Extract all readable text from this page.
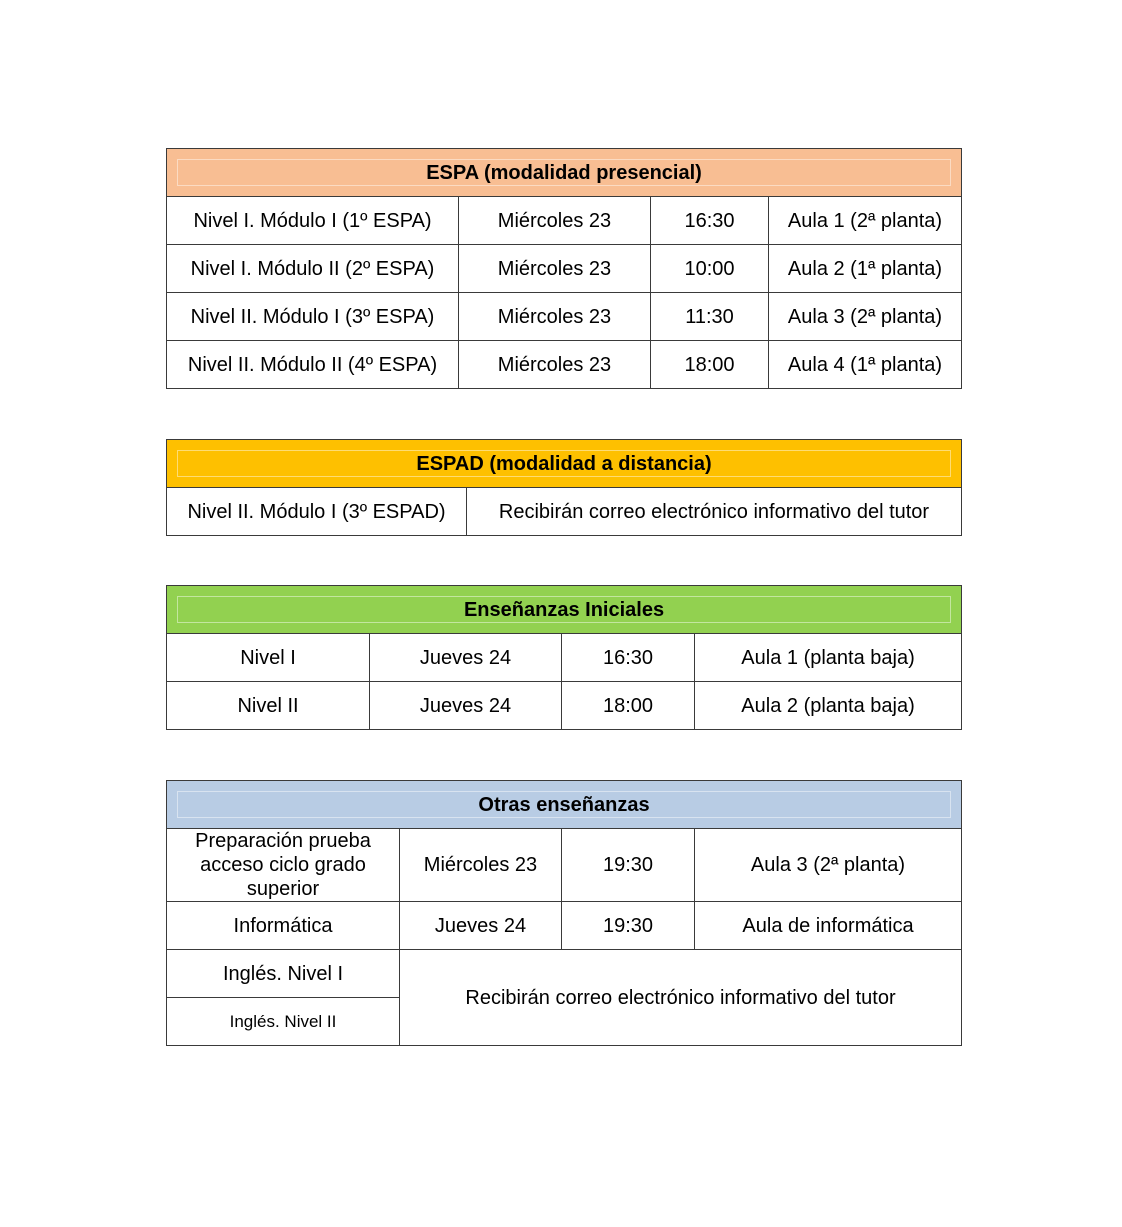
ESPA (modalidad presencial)			
Nivel I. Módulo I (1º ESPA)	Miércoles 23	16:30	Aula 1 (2ª planta)
Nivel I. Módulo II (2º ESPA)	Miércoles 23	10:00	Aula 2 (1ª planta)
Nivel II. Módulo I (3º ESPA)	Miércoles 23	11:30	Aula 3 (2ª planta)
Nivel II. Módulo II (4º ESPA)	Miércoles 23	18:00	Aula 4 (1ª planta)
ESPAD (modalidad a distancia)
Nivel II. Módulo I (3º ESPAD)	Recibirán correo electrónico informativo del tutor
Enseñanzas Iniciales			
Nivel I	Jueves 24	16:30	Aula 1 (planta baja)
Nivel II	Jueves 24	18:00	Aula 2 (planta baja)
Otras enseñanzas			
Preparación prueba acceso ciclo grado superior	Miércoles 23	19:30	Aula 3 (2ª planta)
Informática	Jueves 24	19:30	Aula de informática
Inglés. Nivel I	Recibirán correo electrónico informativo del tutor		
Inglés. Nivel II			
